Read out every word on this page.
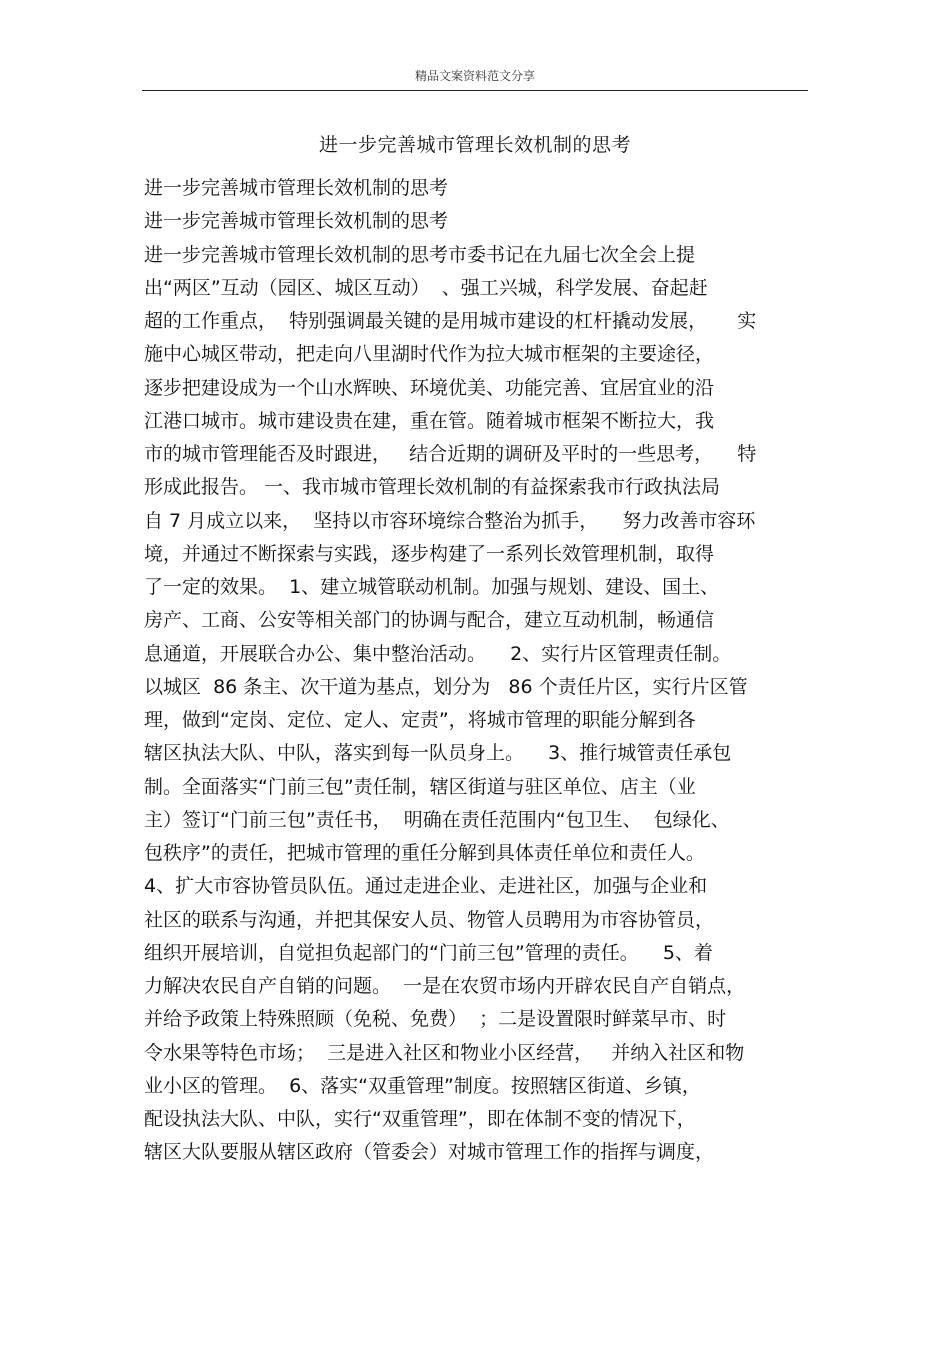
精品文案资料范文分享
进一步完善城市管理长效机制的思考
进一步完善城市管理长效机制的思考
进一步完善城市管理长效机制的思考
进一步完善城市管理长效机制的思考市委书记在九届七次全会上提
出“两区”互动（园区、城区互动）  、强工兴城，科学发展、奋起赶
超的工作重点，  特别强调最关键的是用城市建设的杠杆撬动发展，     实
施中心城区带动，把走向八里湖时代作为拉大城市框架的主要途径，
逐步把建设成为一个山水辉映、环境优美、功能完善、宜居宜业的沿
江港口城市。城市建设贵在建，重在管。随着城市框架不断拉大，我
市的城市管理能否及时跟进，   结合近期的调研及平时的一些思考，    特
形成此报告。 一、我市城市管理长效机制的有益探索我市行政执法局
自 7 月成立以来，  坚持以市容环境综合整治为抓手，    努力改善市容环
境，并通过不断探索与实践，逐步构建了一系列长效管理机制，取得
了一定的效果。  1、建立城管联动机制。加强与规划、建设、国土、
房产、工商、公安等相关部门的协调与配合，建立互动机制，畅通信
息通道，开展联合办公、集中整治活动。    2、实行片区管理责任制。
以城区  86 条主、次干道为基点，划分为   86 个责任片区，实行片区管
理，做到“定岗、定位、定人、定责”，将城市管理的职能分解到各
辖区执法大队、中队，落实到每一队员身上。    3、推行城管责任承包
制。全面落实“门前三包”责任制，辖区街道与驻区单位、店主（业
主）签订“门前三包”责任书，  明确在责任范围内“包卫生、  包绿化、
包秩序”的责任，把城市管理的重任分解到具体责任单位和责任人。
4、扩大市容协管员队伍。通过走进企业、走进社区，加强与企业和
社区的联系与沟通，并把其保安人员、物管人员聘用为市容协管员，
组织开展培训，自觉担负起部门的“门前三包”管理的责任。    5、着
力解决农民自产自销的问题。  一是在农贸市场内开辟农民自产自销点，
并给予政策上特殊照顾（免税、免费）  ；二是设置限时鲜菜早市、时
令水果等特色市场；  三是进入社区和物业小区经营，   并纳入社区和物
业小区的管理。  6、落实“双重管理”制度。按照辖区街道、乡镇，
配设执法大队、中队，实行“双重管理”，即在体制不变的情况下，
辖区大队要服从辖区政府（管委会）对城市管理工作的指挥与调度，
